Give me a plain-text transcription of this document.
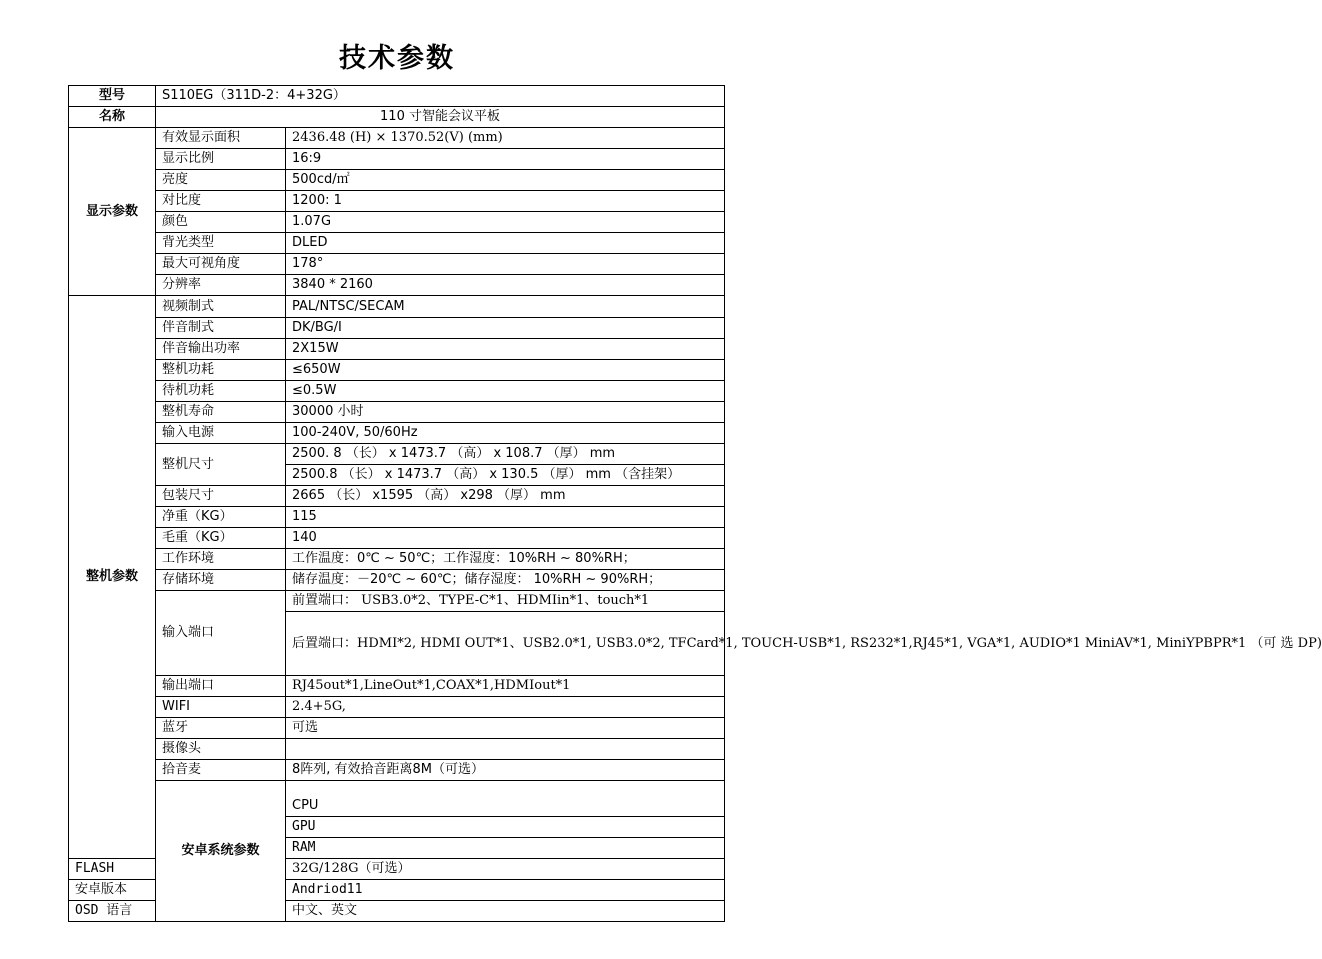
技术参数
型号	S110EG（311D-2：4+32G）		
名称	110 寸智能会议平板		
显示参数	有效显示面积	2436.48 (H) × 1370.52(V) (mm)	
	显示比例	16:9	
	亮度	500cd/㎡	
	对比度	1200: 1	
	颜色	1.07G	
	背光类型	DLED	
	最大可视角度	178°	
	分辨率	3840 * 2160	
整机参数	视频制式	PAL/NTSC/SECAM	
	伴音制式	DK/BG/I	
	伴音输出功率	2X15W	
	整机功耗	≤650W	
	待机功耗	≤0.5W	
	整机寿命	30000 小时	
	输入电源	100-240V, 50/60Hz	
	整机尺寸	2500. 8 （长） x 1473.7 （高） x 108.7 （厚） mm	
		2500.8 （长） x 1473.7 （高） x 130.5 （厚） mm （含挂架）	
	包装尺寸	2665 （长） x1595 （高） x298 （厚） mm	
	净重（KG）	115	
	毛重（KG）	140	
	工作环境	工作温度：0℃ ~ 50℃；工作湿度：10%RH ~ 80%RH；	
	存储环境	储存温度：－20℃ ~ 60℃；储存湿度： 10%RH ~ 90%RH；	
	输入端口	前置端口： USB3.0*2、TYPE-C*1、HDMIin*1、touch*1	
		后置端口：HDMI*2, HDMI OUT*1、USB2.0*1, USB3.0*2, TFCard*1, TOUCH-USB*1, RS232*1,RJ45*1, VGA*1, AUDIO*1 MiniAV*1, MiniYPBPR*1 （可 选 DP)	
	输出端口	RJ45out*1,LineOut*1,COAX*1,HDMIout*1	
	WIFI	2.4+5G,	
	蓝牙	可选	
	摄像头		
	拾音麦	8阵列, 有效拾音距离8M（可选）	
	安卓系统参数	CPU	
		GPU	
		RAM	
FLASH		32G/128G（可选）	
安卓版本		Andriod11	
OSD 语言		中文、英文	
